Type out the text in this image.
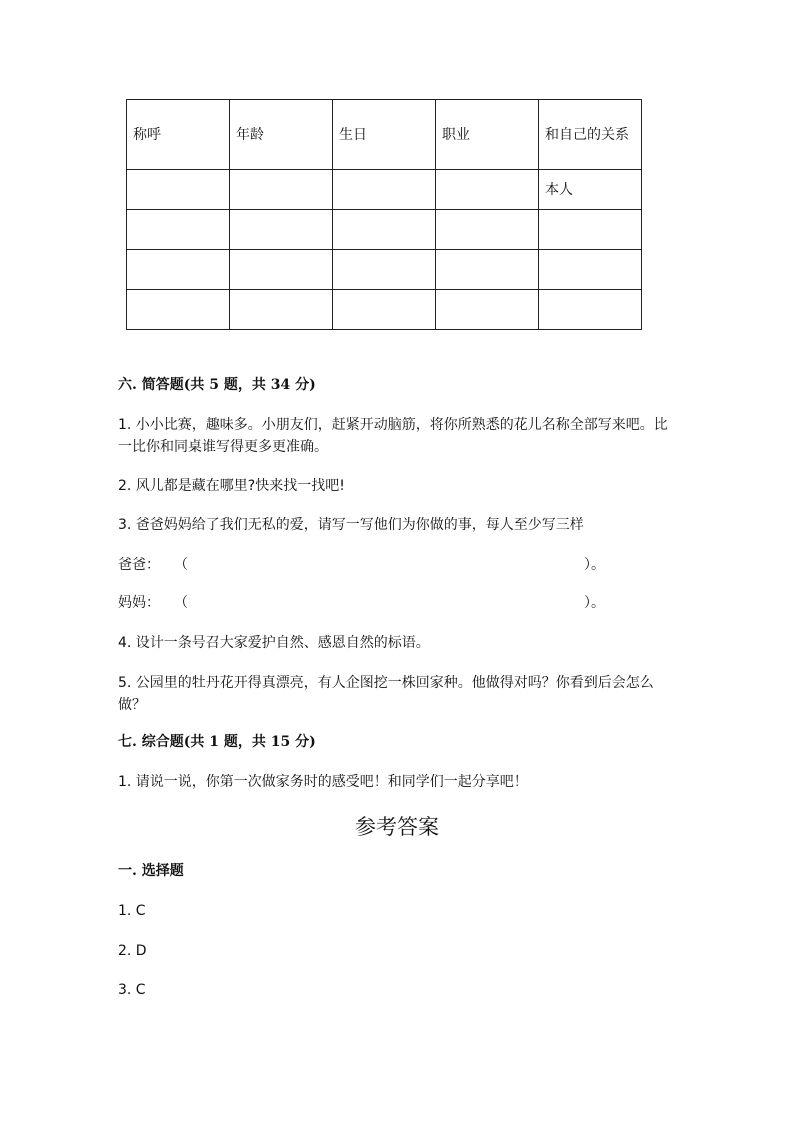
称呼	年龄	生日	职业	和自己的关系
				本人

六. 简答题(共 5 题，共 34 分)
1. 小小比赛，趣味多。小朋友们，赶紧开动脑筋，将你所熟悉的花儿名称全部写来吧。比一比你和同桌谁写得更多更准确。
2. 风儿都是藏在哪里?快来找一找吧!
3. 爸爸妈妈给了我们无私的爱，请写一写他们为你做的事，每人至少写三样
爸爸： （	）。
妈妈： （	）。
4. 设计一条号召大家爱护自然、感恩自然的标语。
5. 公园里的牡丹花开得真漂亮，有人企图挖一株回家种。他做得对吗？你看到后会怎么做？
七. 综合题(共 1 题，共 15 分)
1. 请说一说，你第一次做家务时的感受吧！和同学们一起分享吧！
参考答案
一. 选择题
1. C
2. D
3. C
